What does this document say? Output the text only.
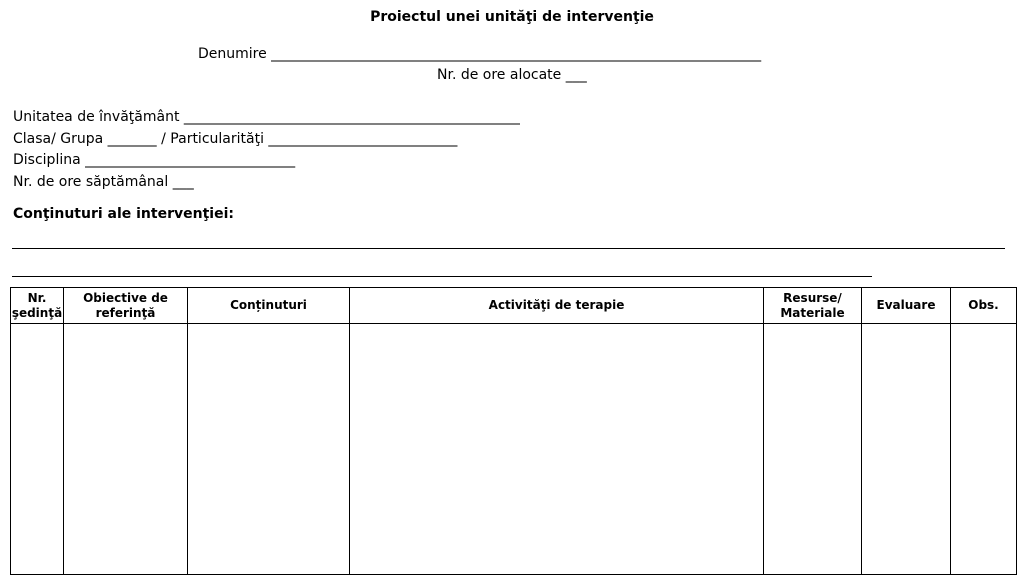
Proiectul unei unităţi de intervenţie
Denumire ______________________________________________________________________
Nr. de ore alocate ___
Unitatea de învăţământ ________________________________________________
Clasa/ Grupa _______ / Particularităţi ___________________________
Disciplina ______________________________
Nr. de ore săptămânal ___
Conţinuturi ale intervenţiei:
Nr. şedinţă	Obiective de referinţă	Conținuturi	Activităţi de terapie	Resurse/ Materiale	Evaluare	Obs.
